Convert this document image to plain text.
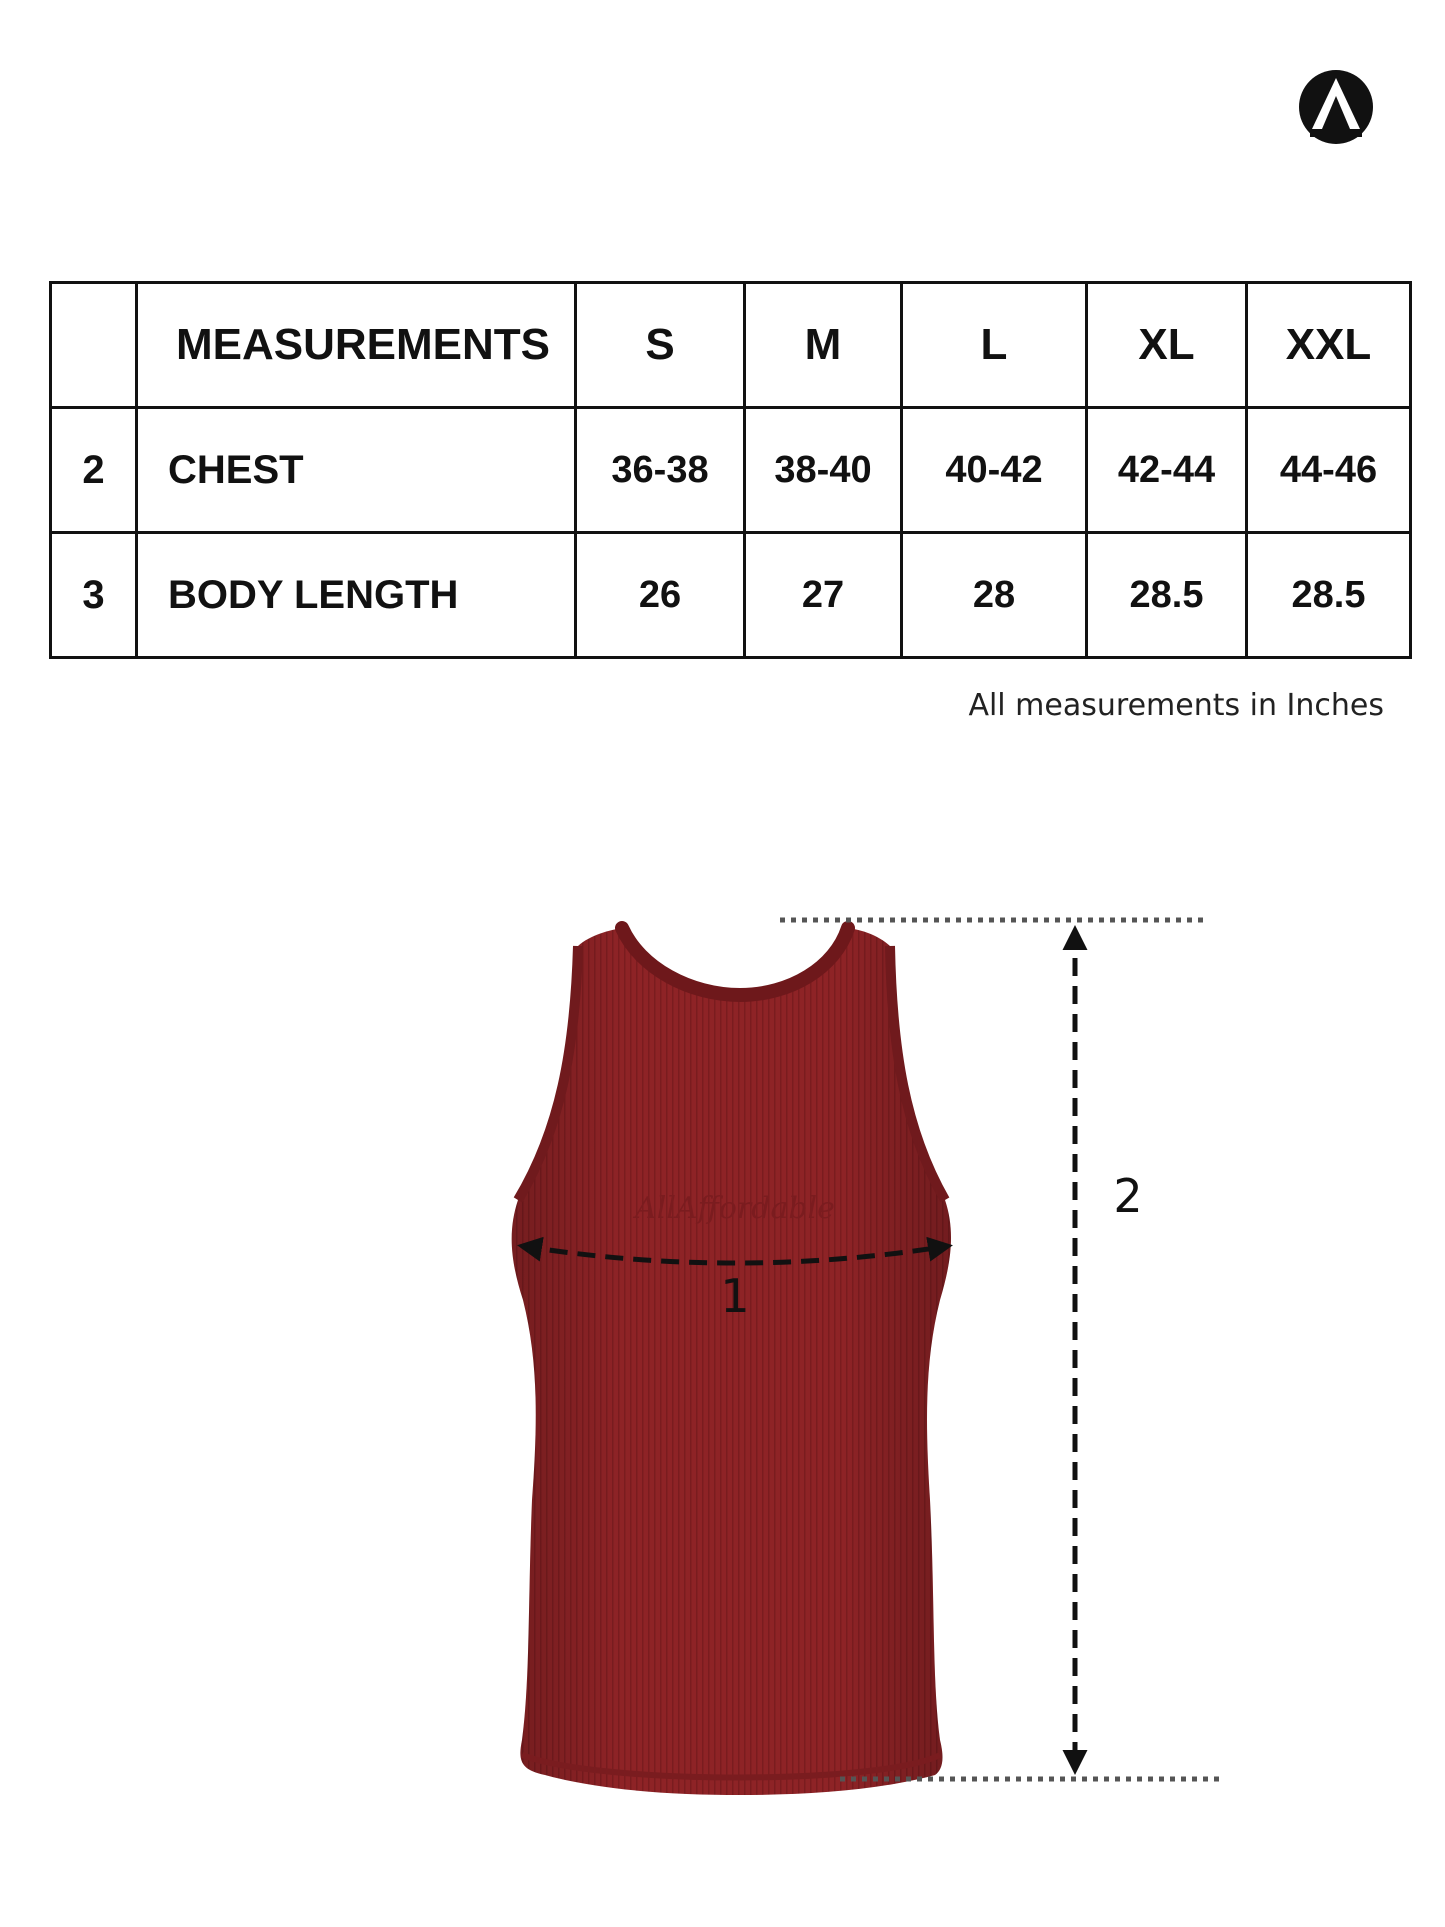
	MEASUREMENTS	S	M	L	XL	XXL
2	CHEST	36-38	38-40	40-42	42-44	44-46
3	BODY LENGTH	26	27	28	28.5	28.5
All measurements in Inches
AllAffordable
1
2
